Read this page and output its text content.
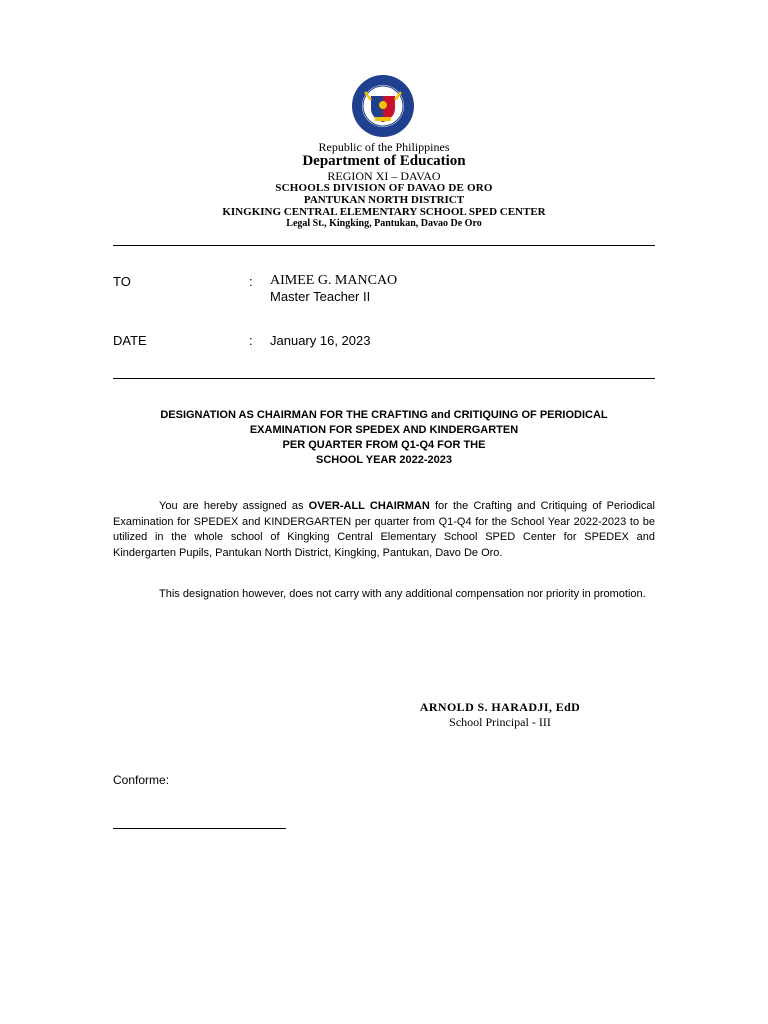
Republic of the Philippines
Department of Education
REGION XI – DAVAO
SCHOOLS DIVISION OF DAVAO DE ORO
PANTUKAN NORTH DISTRICT
KINGKING CENTRAL ELEMENTARY SCHOOL SPED CENTER
Legal St., Kingking, Pantukan, Davao De Oro
TO	: AIMEE G. MANCAO
Master Teacher II
DATE	: January 16, 2023
DESIGNATION AS CHAIRMAN FOR THE CRAFTING and CRITIQUING OF PERIODICAL
EXAMINATION FOR SPEDEX AND KINDERGARTEN
PER QUARTER FROM Q1-Q4 FOR THE
SCHOOL YEAR 2022-2023
You are hereby assigned as OVER-ALL CHAIRMAN for the Crafting and Critiquing of Periodical Examination for SPEDEX and KINDERGARTEN per quarter from Q1-Q4 for the School Year 2022-2023 to be utilized in the whole school of Kingking Central Elementary School SPED Center for SPEDEX and Kindergarten Pupils, Pantukan North District, Kingking, Pantukan, Davo De Oro.
This designation however, does not carry with any additional compensation nor priority in promotion.
ARNOLD S. HARADJI, EdD
School Principal - III
Conforme:
